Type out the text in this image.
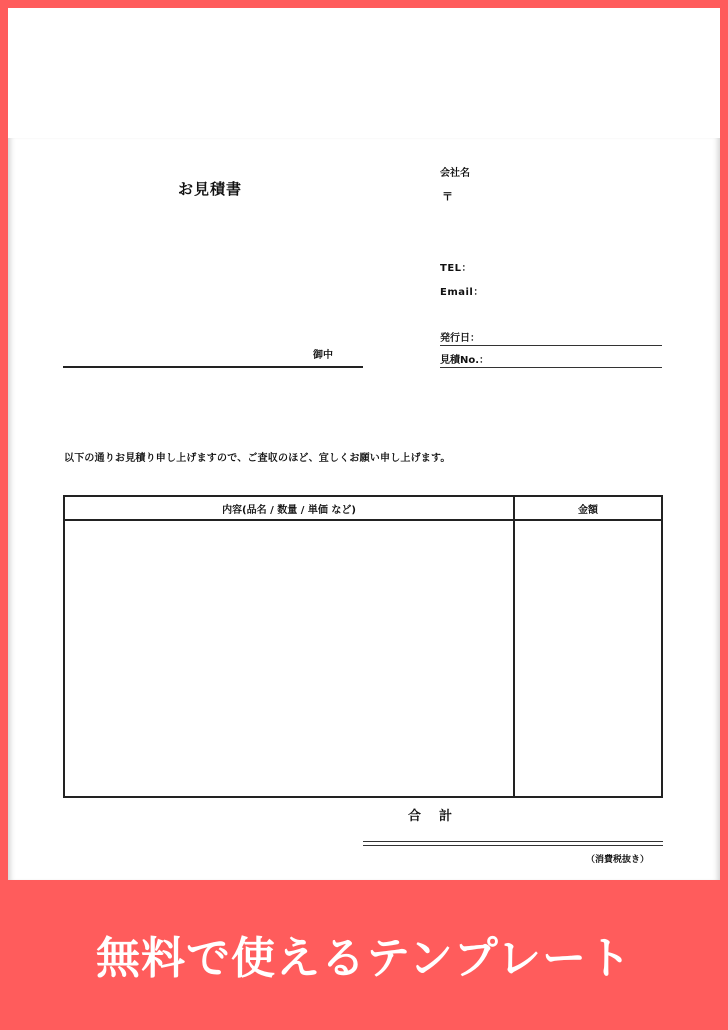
お見積書
会社名
〒
TEL：
Email：
発行日：
見積No.：
御中
以下の通りお見積り申し上げますので、ご査収のほど、宜しくお願い申し上げます。
内容(品名 / 数量 / 単価 など)	金額
合計
（消費税抜き）
無料で使えるテンプレート
